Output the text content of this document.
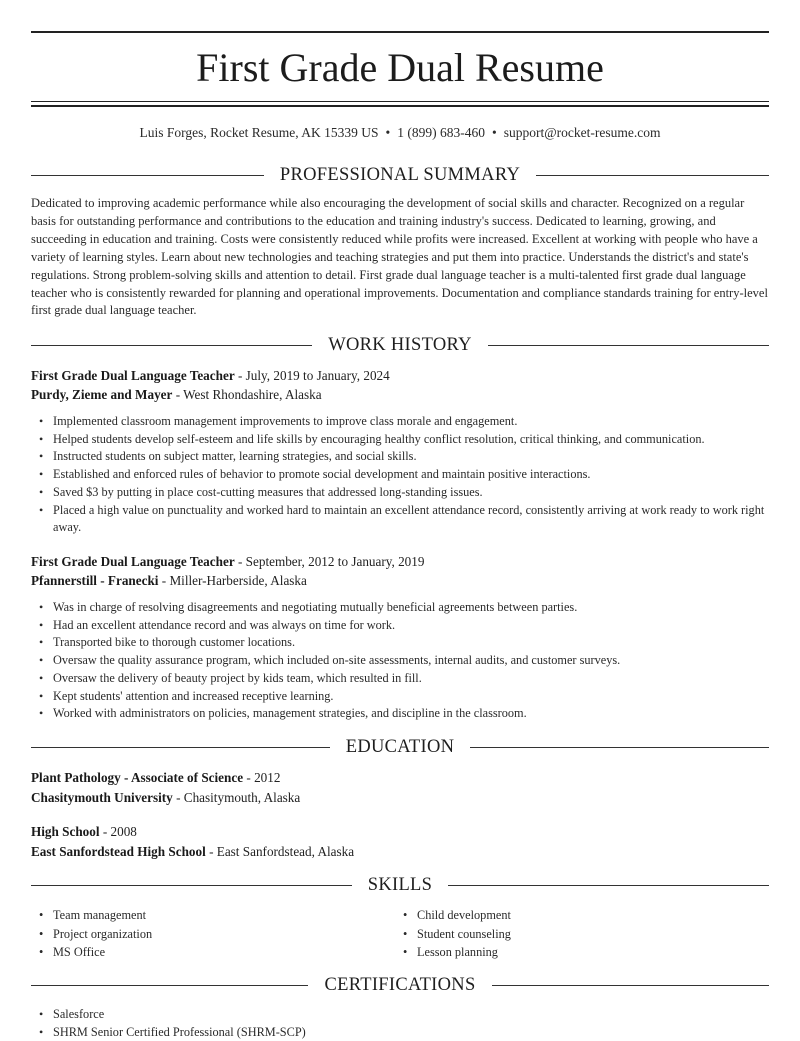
First Grade Dual Resume
Luis Forges, Rocket Resume, AK 15339 US • 1 (899) 683-460 • support@rocket-resume.com
PROFESSIONAL SUMMARY
Dedicated to improving academic performance while also encouraging the development of social skills and character. Recognized on a regular basis for outstanding performance and contributions to the education and training industry's success. Dedicated to learning, growing, and succeeding in education and training. Costs were consistently reduced while profits were increased. Excellent at working with people who have a variety of learning styles. Learn about new technologies and teaching strategies and put them into practice. Understands the district's and state's regulations. Strong problem-solving skills and attention to detail. First grade dual language teacher is a multi-talented first grade dual language teacher who is consistently rewarded for planning and operational improvements. Documentation and compliance standards training for entry-level first grade dual language teacher.
WORK HISTORY
First Grade Dual Language Teacher - July, 2019 to January, 2024
Purdy, Zieme and Mayer - West Rhondashire, Alaska
• Implemented classroom management improvements to improve class morale and engagement.
• Helped students develop self-esteem and life skills by encouraging healthy conflict resolution, critical thinking, and communication.
• Instructed students on subject matter, learning strategies, and social skills.
• Established and enforced rules of behavior to promote social development and maintain positive interactions.
• Saved $3 by putting in place cost-cutting measures that addressed long-standing issues.
• Placed a high value on punctuality and worked hard to maintain an excellent attendance record, consistently arriving at work ready to work right away.
First Grade Dual Language Teacher - September, 2012 to January, 2019
Pfannerstill - Franecki - Miller-Harberside, Alaska
• Was in charge of resolving disagreements and negotiating mutually beneficial agreements between parties.
• Had an excellent attendance record and was always on time for work.
• Transported bike to thorough customer locations.
• Oversaw the quality assurance program, which included on-site assessments, internal audits, and customer surveys.
• Oversaw the delivery of beauty project by kids team, which resulted in fill.
• Kept students' attention and increased receptive learning.
• Worked with administrators on policies, management strategies, and discipline in the classroom.
EDUCATION
Plant Pathology - Associate of Science - 2012
Chasitymouth University - Chasitymouth, Alaska
High School - 2008
East Sanfordstead High School - East Sanfordstead, Alaska
SKILLS
• Team management
• Project organization
• MS Office
• Child development
• Student counseling
• Lesson planning
CERTIFICATIONS
• Salesforce
• SHRM Senior Certified Professional (SHRM-SCP)
